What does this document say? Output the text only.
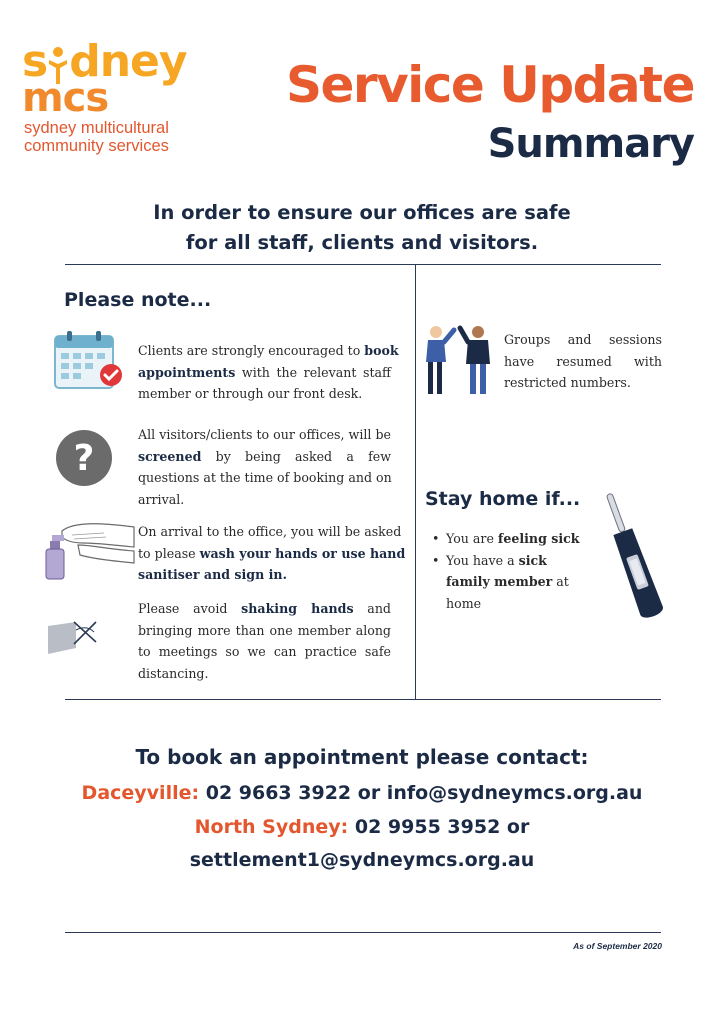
s dney
mcs
sydney multicultural
community services
Service Update
Summary
In order to ensure our offices are safe
for all staff, clients and visitors.
Please note...
Clients are strongly encouraged to book
appointments with the relevant staff
member or through our front desk.
?
All visitors/clients to our offices, will be
screened by being asked a few
questions at the time of booking and on
arrival.
On arrival to the office, you will be asked
to please wash your hands or use hand
sanitiser and sign in.
Please avoid shaking hands and
bringing more than one member along
to meetings so we can practice safe
distancing.
Groups and sessions
have resumed with
restricted numbers.
Stay home if...
• You are feeling sick
• You have a sick family member at home
To book an appointment please contact:
Daceyville: 02 9663 3922 or info@sydneymcs.org.au
North Sydney: 02 9955 3952 or
settlement1@sydneymcs.org.au
As of September 2020
